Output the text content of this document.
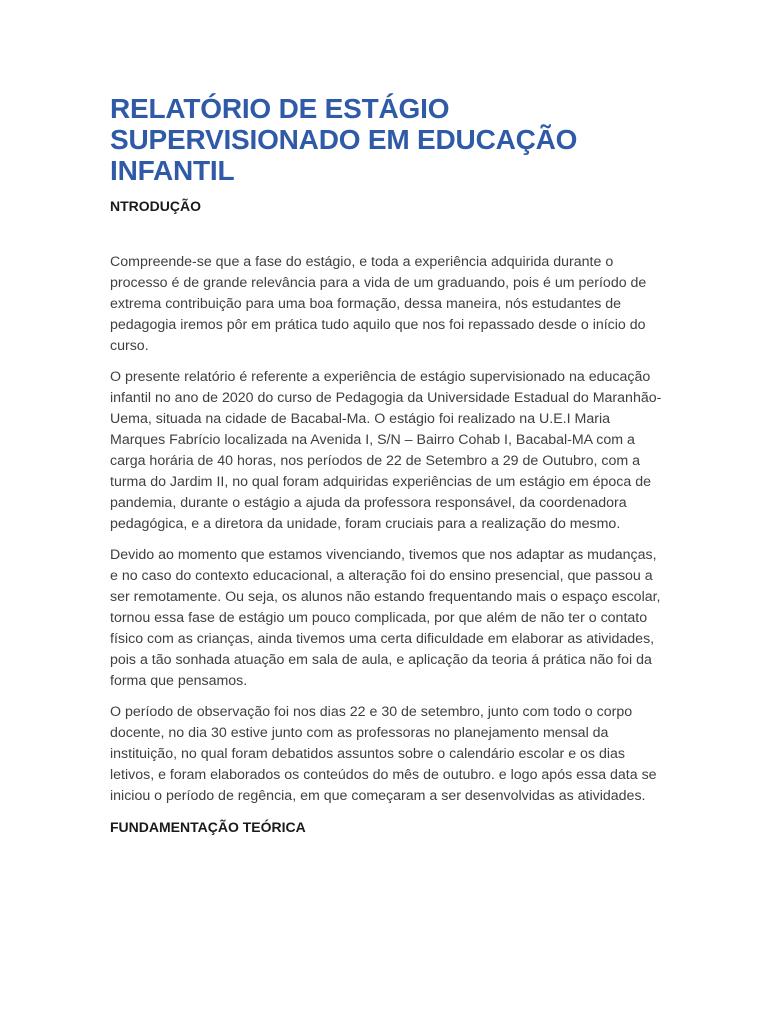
RELATÓRIO DE ESTÁGIO SUPERVISIONADO EM EDUCAÇÃO INFANTIL
NTRODUÇÃO

Compreende-se que a fase do estágio, e toda a experiência adquirida durante o processo é de grande relevância para a vida de um graduando, pois é um período de extrema contribuição para uma boa formação, dessa maneira, nós estudantes de pedagogia iremos pôr em prática tudo aquilo que nos foi repassado desde o início do curso.

O presente relatório é referente a experiência de estágio supervisionado na educação infantil no ano de 2020 do curso de Pedagogia da Universidade Estadual do Maranhão- Uema, situada na cidade de Bacabal-Ma. O estágio foi realizado na U.E.I Maria Marques Fabrício localizada na Avenida I, S/N – Bairro Cohab I, Bacabal-MA com a carga horária de 40 horas, nos períodos de 22 de Setembro a 29 de Outubro, com a turma do Jardim II, no qual foram adquiridas experiências de um estágio em época de pandemia, durante o estágio a ajuda da professora responsável, da coordenadora pedagógica, e a diretora da unidade, foram cruciais para a realização do mesmo.

Devido ao momento que estamos vivenciando, tivemos que nos adaptar as mudanças, e no caso do contexto educacional, a alteração foi do ensino presencial, que passou a ser remotamente. Ou seja, os alunos não estando frequentando mais o espaço escolar, tornou essa fase de estágio um pouco complicada, por que além de não ter o contato físico com as crianças, ainda tivemos uma certa dificuldade em elaborar as atividades, pois a tão sonhada atuação em sala de aula, e aplicação da teoria á prática não foi da forma que pensamos.

O período de observação foi nos dias 22 e 30 de setembro, junto com todo o corpo docente, no dia 30 estive junto com as professoras no planejamento mensal da instituição, no qual foram debatidos assuntos sobre o calendário escolar e os dias letivos, e foram elaborados os conteúdos do mês de outubro. e logo após essa data se iniciou o período de regência, em que começaram a ser desenvolvidas as atividades.

FUNDAMENTAÇÃO TEÓRICA
